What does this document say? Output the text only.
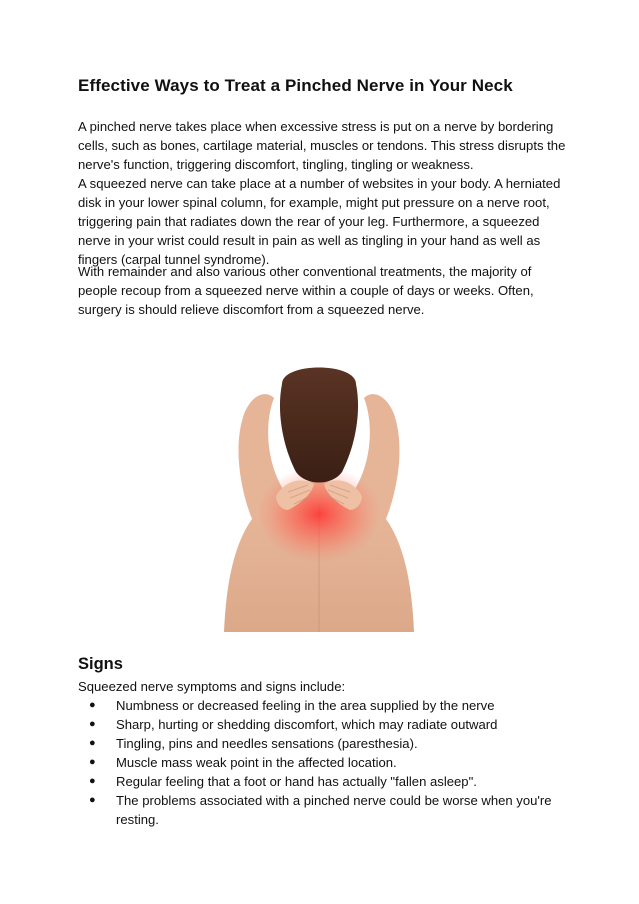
Effective Ways to Treat a Pinched Nerve in Your Neck

A pinched nerve takes place when excessive stress is put on a nerve by bordering
cells, such as bones, cartilage material, muscles or tendons. This stress disrupts the
nerve's function, triggering discomfort, tingling, tingling or weakness.
A squeezed nerve can take place at a number of websites in your body. A herniated
disk in your lower spinal column, for example, might put pressure on a nerve root,
triggering pain that radiates down the rear of your leg. Furthermore, a squeezed
nerve in your wrist could result in pain as well as tingling in your hand as well as
fingers (carpal tunnel syndrome).

With remainder and also various other conventional treatments, the majority of
people recoup from a squeezed nerve within a couple of days or weeks. Often,
surgery is should relieve discomfort from a squeezed nerve.

Signs

Squeezed nerve symptoms and signs include:

● Numbness or decreased feeling in the area supplied by the nerve
● Sharp, hurting or shedding discomfort, which may radiate outward
● Tingling, pins and needles sensations (paresthesia).
● Muscle mass weak point in the affected location.
● Regular feeling that a foot or hand has actually "fallen asleep".
● The problems associated with a pinched nerve could be worse when you're
resting.
